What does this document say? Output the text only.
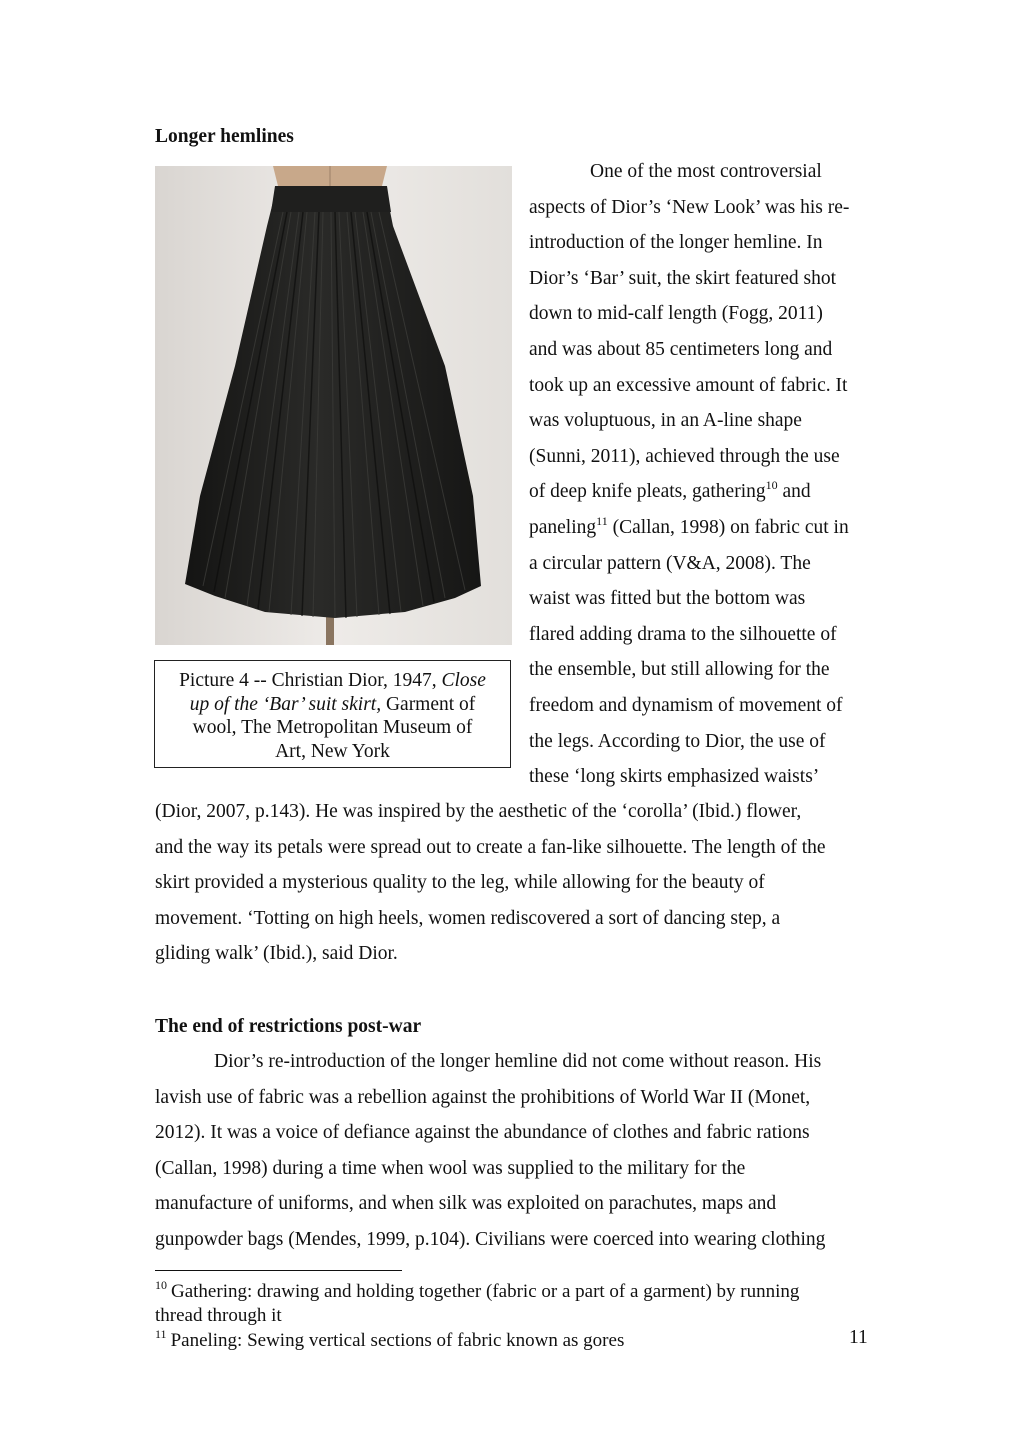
Longer hemlines
Picture 4 -- Christian Dior, 1947, Close
up of the ‘Bar’ suit skirt, Garment of
wool, The Metropolitan Museum of
Art, New York
One of the most controversial
aspects of Dior’s ‘New Look’ was his re-
introduction of the longer hemline. In
Dior’s ‘Bar’ suit, the skirt featured shot
down to mid-calf length (Fogg, 2011)
and was about 85 centimeters long and
took up an excessive amount of fabric. It
was voluptuous, in an A-line shape
(Sunni, 2011), achieved through the use
of deep knife pleats, gathering$^{10}$ and
paneling$^{11}$ (Callan, 1998) on fabric cut in
a circular pattern (V&A, 2008). The
waist was fitted but the bottom was
flared adding drama to the silhouette of
the ensemble, but still allowing for the
freedom and dynamism of movement of
the legs. According to Dior, the use of
these ‘long skirts emphasized waists’
(Dior, 2007, p.143). He was inspired by the aesthetic of the ‘corolla’ (Ibid.) flower,
and the way its petals were spread out to create a fan-like silhouette. The length of the
skirt provided a mysterious quality to the leg, while allowing for the beauty of
movement. ‘Totting on high heels, women rediscovered a sort of dancing step, a
gliding walk’ (Ibid.), said Dior.
The end of restrictions post-war
Dior’s re-introduction of the longer hemline did not come without reason. His
lavish use of fabric was a rebellion against the prohibitions of World War II (Monet,
2012). It was a voice of defiance against the abundance of clothes and fabric rations
(Callan, 1998) during a time when wool was supplied to the military for the
manufacture of uniforms, and when silk was exploited on parachutes, maps and
gunpowder bags (Mendes, 1999, p.104). Civilians were coerced into wearing clothing
$^{10}$ Gathering: drawing and holding together (fabric or a part of a garment) by running
thread through it
$^{11}$ Paneling: Sewing vertical sections of fabric known as gores	11
